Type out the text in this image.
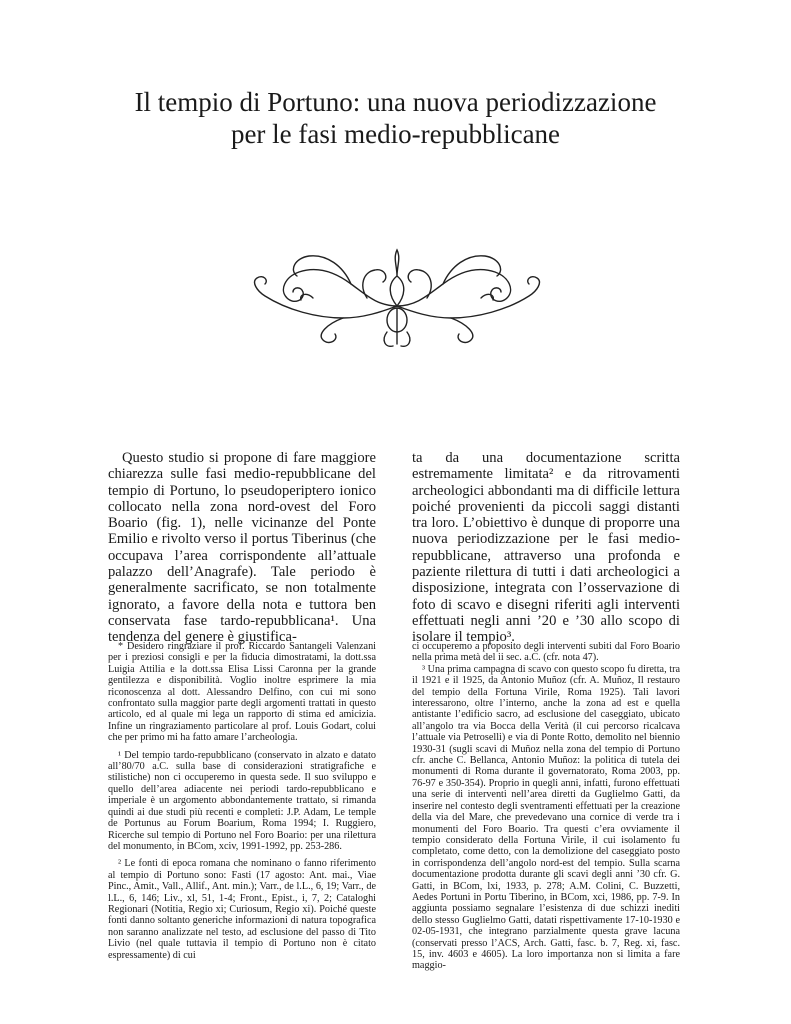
Il tempio di Portuno: una nuova periodizzazione
per le fasi medio-repubblicane

Questo studio si propone di fare maggiore chiarezza sulle fasi medio-repubblicane del tempio di Portuno, lo pseudoperiptero ionico collocato nella zona nord-ovest del Foro Boario (fig. 1), nelle vicinanze del Ponte Emilio e rivolto verso il portus Tiberinus (che occupava l’area corrispondente all’attuale palazzo dell’Anagrafe). Tale periodo è generalmente sacrificato, se non totalmente ignorato, a favore della nota e tuttora ben conservata fase tardo-repubblicana¹. Una tendenza del genere è giustifica-

ta da una documentazione scritta estremamente limitata² e da ritrovamenti archeologici abbondanti ma di difficile lettura poiché provenienti da piccoli saggi distanti tra loro. L’obiettivo è dunque di proporre una nuova periodizzazione per le fasi medio-repubblicane, attraverso una profonda e paziente rilettura di tutti i dati archeologici a disposizione, integrata con l’osservazione di foto di scavo e disegni riferiti agli interventi effettuati negli anni ’20 e ’30 allo scopo di isolare il tempio³.

* Desidero ringraziare il prof. Riccardo Santangeli Valenzani per i preziosi consigli e per la fiducia dimostratami, la dott.ssa Luigia Attilia e la dott.ssa Elisa Lissi Caronna per la grande gentilezza e disponibilità. Voglio inoltre esprimere la mia riconoscenza al dott. Alessandro Delfino, con cui mi sono confrontato sulla maggior parte degli argomenti trattati in questo articolo, ed al quale mi lega un rapporto di stima ed amicizia. Infine un ringraziamento particolare al prof. Louis Godart, colui che per primo mi ha fatto amare l’archeologia.

¹ Del tempio tardo-repubblicano (conservato in alzato e datato all’80/70 a.C. sulla base di considerazioni stratigrafiche e stilistiche) non ci occuperemo in questa sede. Il suo sviluppo e quello dell’area adiacente nei periodi tardo-repubblicano e imperiale è un argomento abbondantemente trattato, si rimanda quindi ai due studi più recenti e completi: J.P. Adam, Le temple de Portunus au Forum Boarium, Roma 1994; I. Ruggiero, Ricerche sul tempio di Portuno nel Foro Boario: per una rilettura del monumento, in BCom, xciv, 1991-1992, pp. 253-286.

² Le fonti di epoca romana che nominano o fanno riferimento al tempio di Portuno sono: Fasti (17 agosto: Ant. mai., Viae Pinc., Amit., Vall., Allif., Ant. min.); Varr., de l.L., 6, 19; Varr., de l.L., 6, 146; Liv., xl, 51, 1-4; Front., Epist., i, 7, 2; Cataloghi Regionari (Notitia, Regio xi; Curiosum, Regio xi). Poiché queste fonti danno soltanto generiche informazioni di natura topografica non saranno analizzate nel testo, ad esclusione del passo di Tito Livio (nel quale tuttavia il tempio di Portuno non è citato espressamente) di cui

ci occuperemo a proposito degli interventi subiti dal Foro Boario nella prima metà del ii sec. a.C. (cfr. nota 47).

³ Una prima campagna di scavo con questo scopo fu diretta, tra il 1921 e il 1925, da Antonio Muñoz (cfr. A. Muñoz, Il restauro del tempio della Fortuna Virile, Roma 1925). Tali lavori interessarono, oltre l’interno, anche la zona ad est e quella antistante l’edificio sacro, ad esclusione del caseggiato, ubicato all’angolo tra via Bocca della Verità (il cui percorso ricalcava l’attuale via Petroselli) e via di Ponte Rotto, demolito nel biennio 1930-31 (sugli scavi di Muñoz nella zona del tempio di Portuno cfr. anche C. Bellanca, Antonio Muñoz: la politica di tutela dei monumenti di Roma durante il governatorato, Roma 2003, pp. 76-97 e 350-354). Proprio in quegli anni, infatti, furono effettuati una serie di interventi nell’area diretti da Guglielmo Gatti, da inserire nel contesto degli sventramenti effettuati per la creazione della via del Mare, che prevedevano una cornice di verde tra i monumenti del Foro Boario. Tra questi c’era ovviamente il tempio considerato della Fortuna Virile, il cui isolamento fu completato, come detto, con la demolizione del caseggiato posto in corrispondenza dell’angolo nord-est del tempio. Sulla scarna documentazione prodotta durante gli scavi degli anni ’30 cfr. G. Gatti, in BCom, lxi, 1933, p. 278; A.M. Colini, C. Buzzetti, Aedes Portuni in Portu Tiberino, in BCom, xci, 1986, pp. 7-9. In aggiunta possiamo segnalare l’esistenza di due schizzi inediti dello stesso Guglielmo Gatti, datati rispettivamente 17-10-1930 e 02-05-1931, che integrano parzialmente questa grave lacuna (conservati presso l’ACS, Arch. Gatti, fasc. b. 7, Reg. xi, fasc. 15, inv. 4603 e 4605). La loro importanza non si limita a fare maggio-
